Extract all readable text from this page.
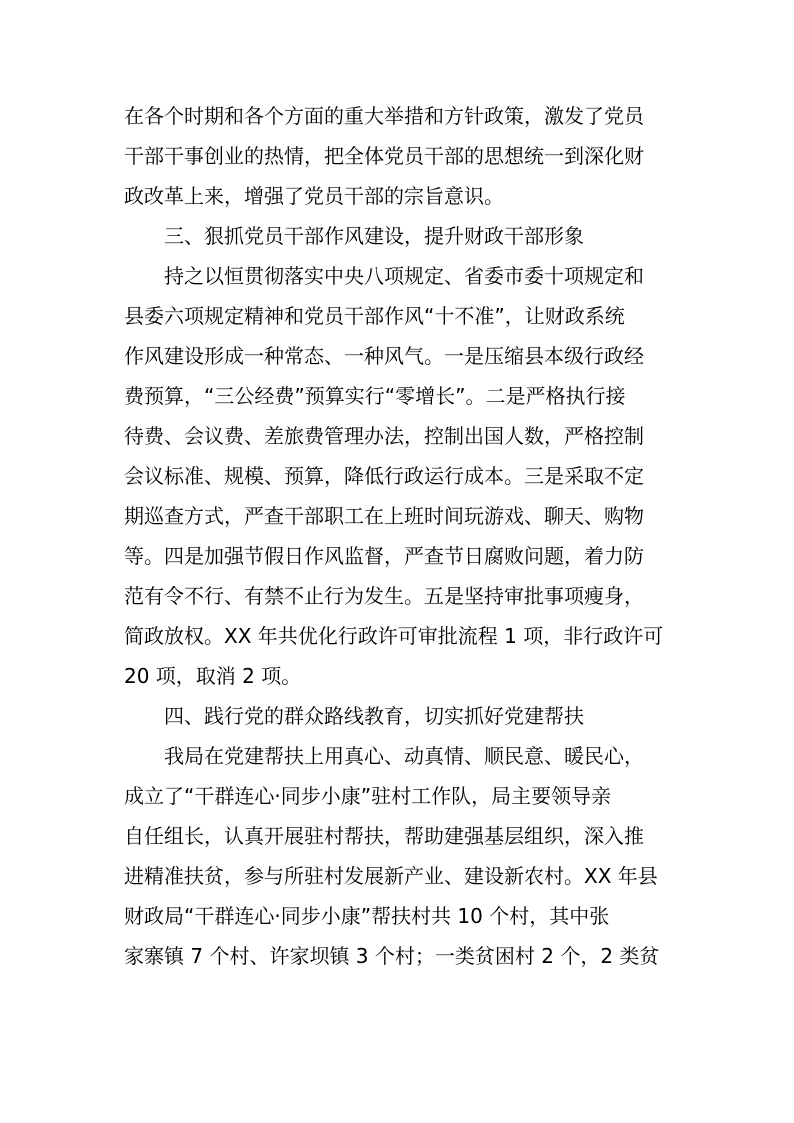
在各个时期和各个方面的重大举措和方针政策，激发了党员
干部干事创业的热情，把全体党员干部的思想统一到深化财
政改革上来，增强了党员干部的宗旨意识。
三、狠抓党员干部作风建设，提升财政干部形象
持之以恒贯彻落实中央八项规定、省委市委十项规定和
县委六项规定精神和党员干部作风“十不准”，让财政系统
作风建设形成一种常态、一种风气。一是压缩县本级行政经
费预算，“三公经费”预算实行“零增长”。二是严格执行接
待费、会议费、差旅费管理办法，控制出国人数，严格控制
会议标准、规模、预算，降低行政运行成本。三是采取不定
期巡查方式，严查干部职工在上班时间玩游戏、聊天、购物
等。四是加强节假日作风监督，严查节日腐败问题，着力防
范有令不行、有禁不止行为发生。五是坚持审批事项瘦身，
简政放权。XX 年共优化行政许可审批流程 1 项，非行政许可
20 项，取消 2 项。
四、践行党的群众路线教育，切实抓好党建帮扶
我局在党建帮扶上用真心、动真情、顺民意、暖民心，
成立了“干群连心·同步小康”驻村工作队，局主要领导亲
自任组长，认真开展驻村帮扶，帮助建强基层组织，深入推
进精准扶贫，参与所驻村发展新产业、建设新农村。XX 年县
财政局“干群连心·同步小康”帮扶村共 10 个村，其中张
家寨镇 7 个村、许家坝镇 3 个村；一类贫困村 2 个，2 类贫
